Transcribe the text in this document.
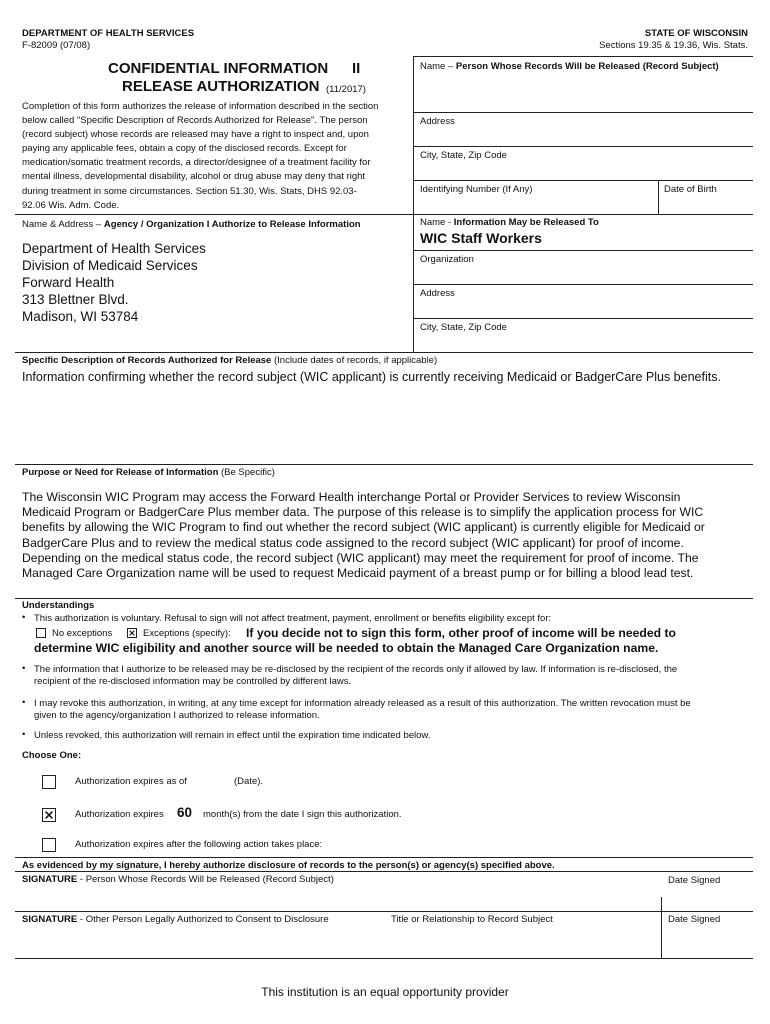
DEPARTMENT OF HEALTH SERVICES
F-82009 (07/08)
STATE OF WISCONSIN
Sections 19.35 & 19.36, Wis. Stats.
CONFIDENTIAL INFORMATION II
RELEASE AUTHORIZATION (11/2017)
Completion of this form authorizes the release of information described in the section
below called "Specific Description of Records Authorized for Release". The person
(record subject) whose records are released may have a right to inspect and, upon
paying any applicable fees, obtain a copy of the disclosed records. Except for
medication/somatic treatment records, a director/designee of a treatment facility for
mental illness, developmental disability, alcohol or drug abuse may deny that right
during treatment in some circumstances. Section 51.30, Wis. Stats, DHS 92.03-
92.06 Wis. Adm. Code.
Name – Person Whose Records Will be Released (Record Subject)
Address
City, State, Zip Code
Identifying Number (If Any)	Date of Birth
Name & Address – Agency / Organization I Authorize to Release Information
Department of Health Services
Division of Medicaid Services
Forward Health
313 Blettner Blvd.
Madison, WI 53784
Name - Information May be Released To
WIC Staff Workers
Organization
Address
City, State, Zip Code
Specific Description of Records Authorized for Release (Include dates of records, if applicable)
Information confirming whether the record subject (WIC applicant) is currently receiving Medicaid or BadgerCare Plus benefits.
Purpose or Need for Release of Information (Be Specific)
The Wisconsin WIC Program may access the Forward Health interchange Portal or Provider Services to review Wisconsin
Medicaid Program or BadgerCare Plus member data. The purpose of this release is to simplify the application process for WIC
benefits by allowing the WIC Program to find out whether the record subject (WIC applicant) is currently eligible for Medicaid or
BadgerCare Plus and to review the medical status code assigned to the record subject (WIC applicant) for proof of income.
Depending on the medical status code, the record subject (WIC applicant) may meet the requirement for proof of income. The
Managed Care Organization name will be used to request Medicaid payment of a breast pump or for billing a blood lead test.
Understandings
• This authorization is voluntary. Refusal to sign will not affect treatment, payment, enrollment or benefits eligibility except for:
No exceptions	Exceptions (specify): If you decide not to sign this form, other proof of income will be needed to
determine WIC eligibility and another source will be needed to obtain the Managed Care Organization name.
• The information that I authorize to be released may be re-disclosed by the recipient of the records only if allowed by law. If information is re-disclosed, the
recipient of the re-disclosed information may be controlled by different laws.
• I may revoke this authorization, in writing, at any time except for information already released as a result of this authorization. The written revocation must be
given to the agency/organization I authorized to release information.
• Unless revoked, this authorization will remain in effect until the expiration time indicated below.
Choose One:
Authorization expires as of	(Date).
Authorization expires 60 month(s) from the date I sign this authorization.
Authorization expires after the following action takes place:
As evidenced by my signature, I hereby authorize disclosure of records to the person(s) or agency(s) specified above.
SIGNATURE - Person Whose Records Will be Released (Record Subject)	Date Signed
SIGNATURE - Other Person Legally Authorized to Consent to Disclosure	Title or Relationship to Record Subject	Date Signed
This institution is an equal opportunity provider
